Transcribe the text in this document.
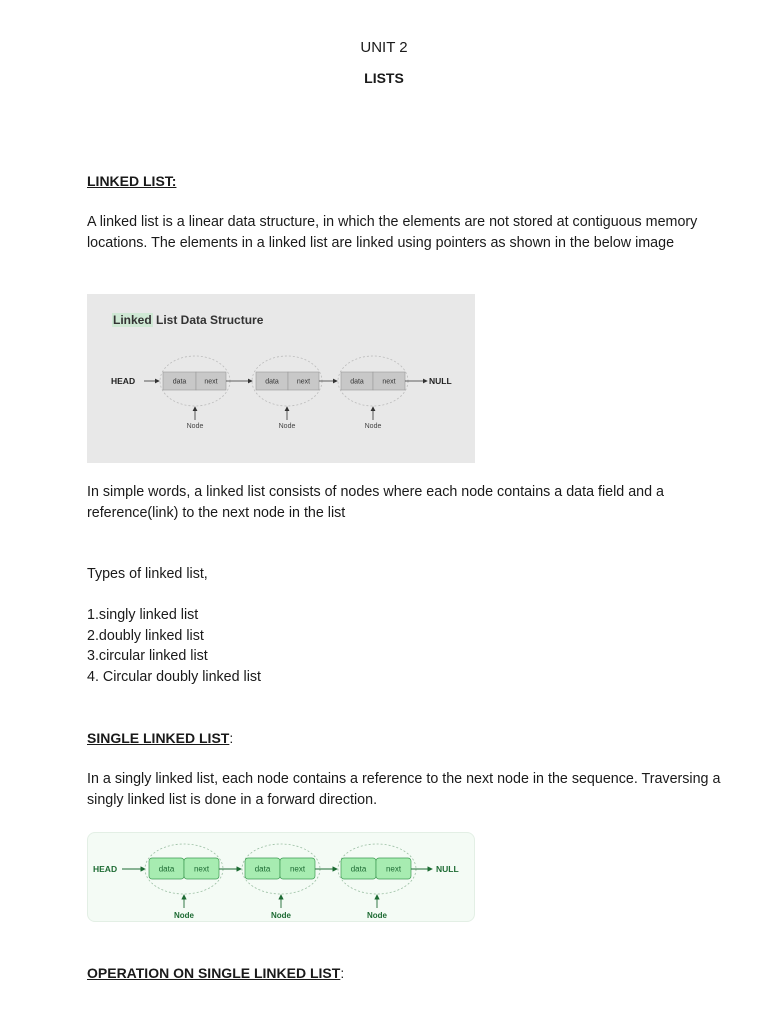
UNIT 2
LISTS
LINKED LIST:
A linked list is a linear data structure, in which the elements are not stored at contiguous memory
locations. The elements in a linked list are linked using pointers as shown in the below image
Linked List Data Structure
HEAD	data	next
Node
data	next
Node
data	next
Node
NULL
In simple words, a linked list consists of nodes where each node contains a data field and a
reference(link) to the next node in the list
Types of linked list,
1.singly linked list
2.doubly linked list
3.circular linked list
4. Circular doubly linked list
SINGLE LINKED LIST:
In a singly linked list, each node contains a reference to the next node in the sequence. Traversing a
singly linked list is done in a forward direction.
HEAD	data next
Node
data next
Node
data next
Node
NULL
OPERATION ON SINGLE LINKED LIST:
